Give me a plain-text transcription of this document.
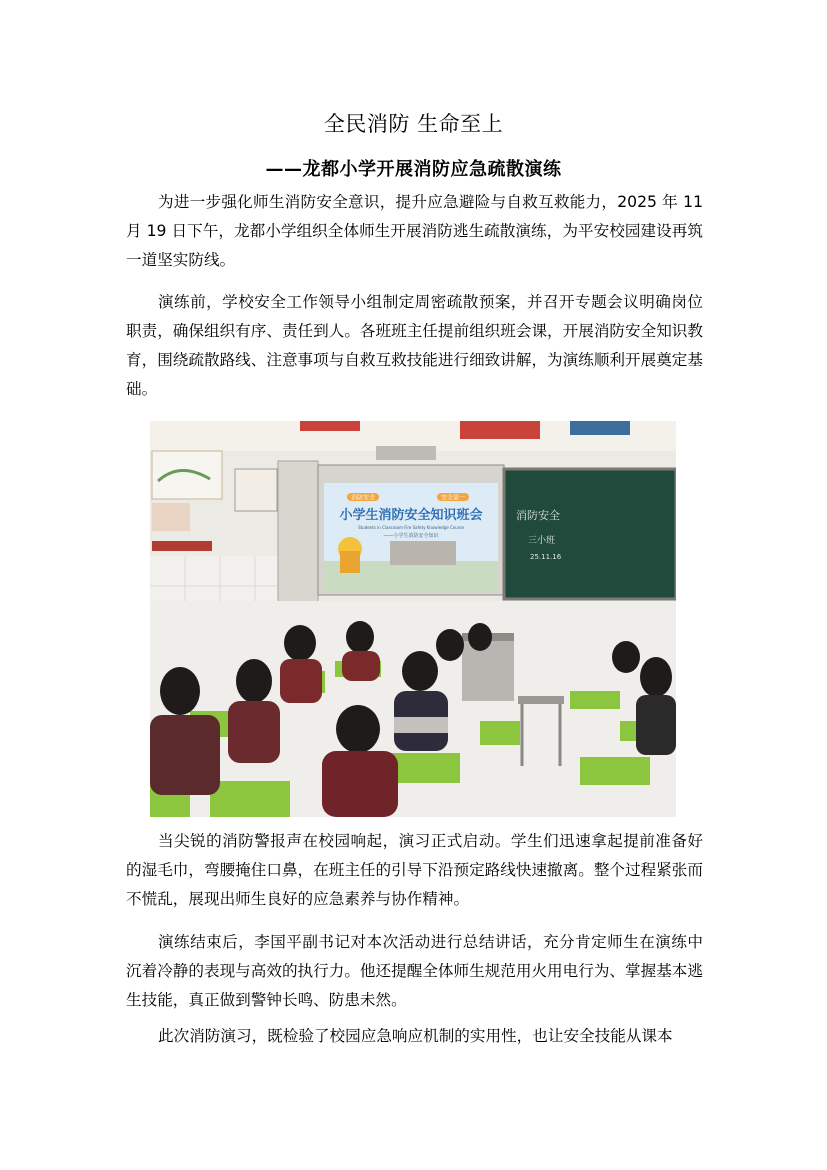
全民消防 生命至上
——龙都小学开展消防应急疏散演练
为进一步强化师生消防安全意识，提升应急避险与自救互救能力，2025 年 11 月 19 日下午，龙都小学组织全体师生开展消防逃生疏散演练，为平安校园建设再筑一道坚实防线。
演练前，学校安全工作领导小组制定周密疏散预案，并召开专题会议明确岗位职责，确保组织有序、责任到人。各班班主任提前组织班会课，开展消防安全知识教育，围绕疏散路线、注意事项与自救互救技能进行细致讲解，为演练顺利开展奠定基础。
消防安全	安全第一
小学生消防安全知识班会
Students in Classroom Fire Safety Knowledge Course
——小学生消防安全知识
消防安全
三小班
25.11.16
当尖锐的消防警报声在校园响起，演习正式启动。学生们迅速拿起提前准备好的湿毛巾，弯腰掩住口鼻，在班主任的引导下沿预定路线快速撤离。整个过程紧张而不慌乱，展现出师生良好的应急素养与协作精神。
演练结束后，李国平副书记对本次活动进行总结讲话，充分肯定师生在演练中沉着冷静的表现与高效的执行力。他还提醒全体师生规范用火用电行为、掌握基本逃生技能，真正做到警钟长鸣、防患未然。
此次消防演习，既检验了校园应急响应机制的实用性，也让安全技能从课本
